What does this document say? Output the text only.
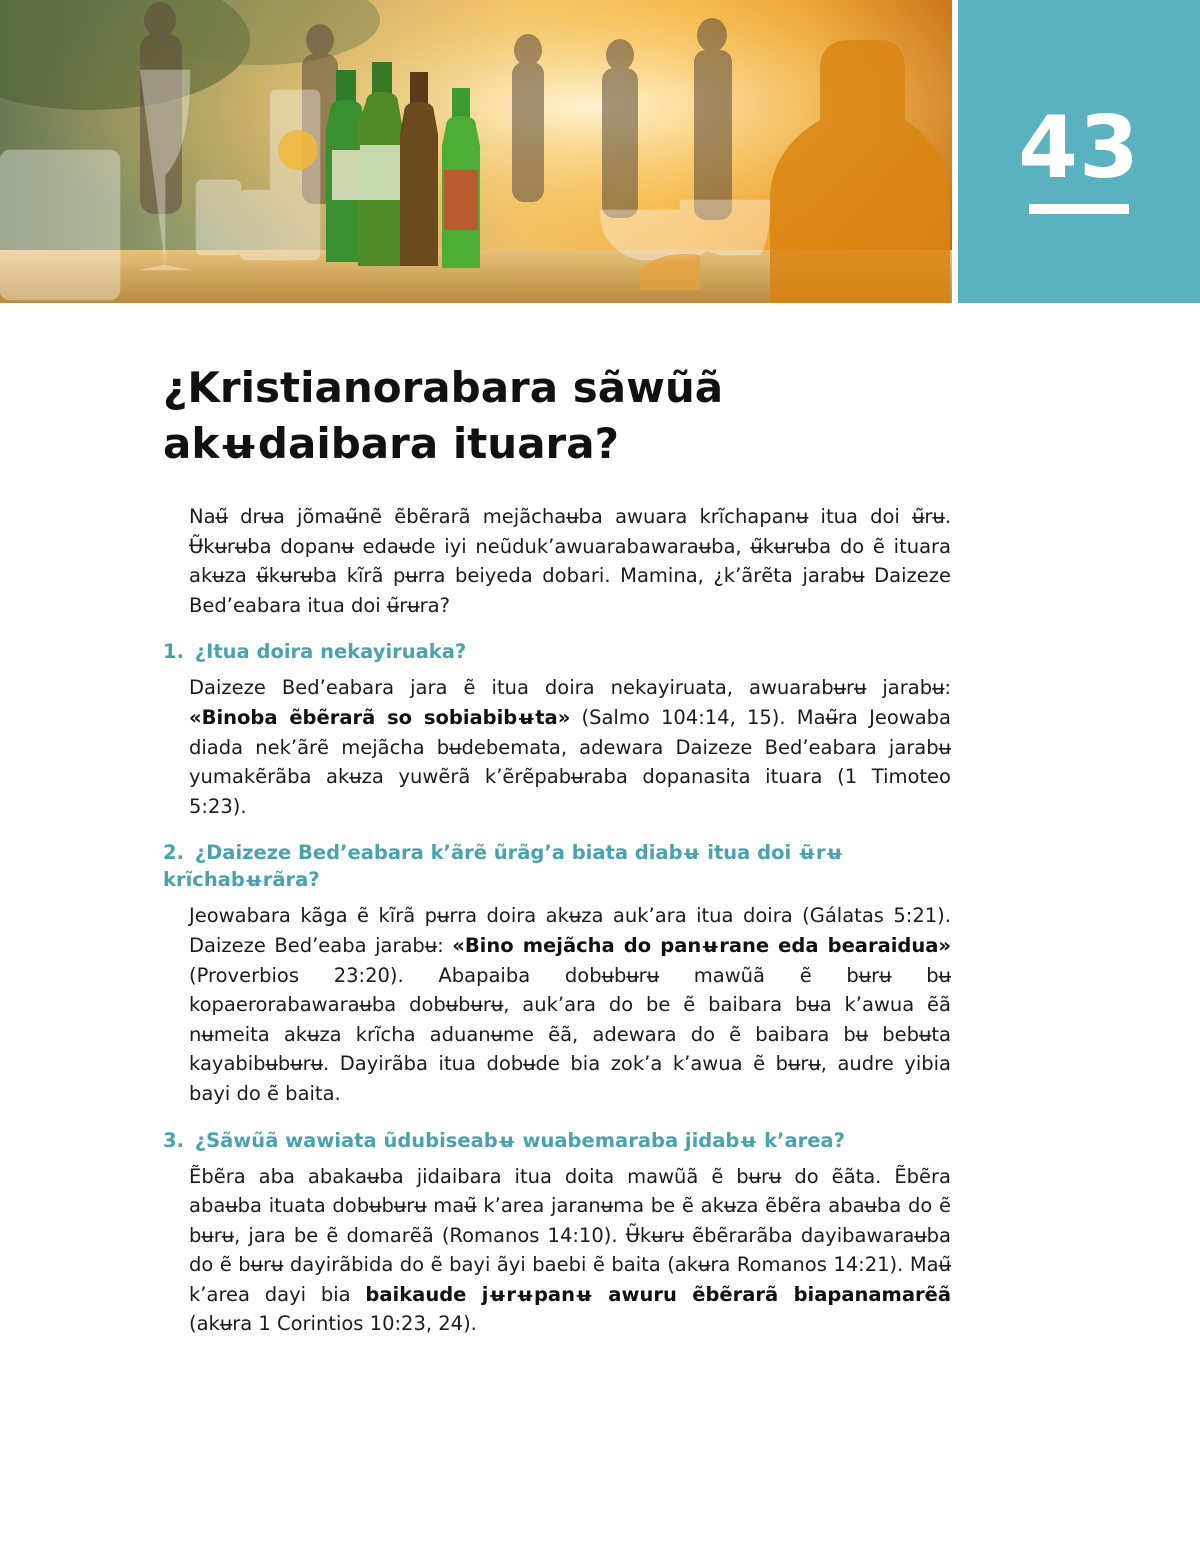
43
¿Kristianorabara sãwũã
akʉdaibara ituara?

Naʉ̃ drʉa jõmaʉ̃nẽ ẽbẽrarã mejãchaʉba awuara krĩchapanʉ itua doi ʉ̃rʉ. Ʉ̃kʉrʉba dopanʉ edaʉde iyi neũduk’awuarabawaraʉba, ʉ̃kʉrʉba do ẽ ituara akʉza ʉ̃kʉrʉba kĩrã pʉrra beiyeda dobari. Mamina, ¿k’ãrẽta jarabʉ Daizeze Bed’eabara itua doi ʉ̃rʉra?

1. ¿Itua doira nekayiruaka?

Daizeze Bed’eabara jara ẽ itua doira nekayiruata, awuarabʉrʉ jarabʉ: «Binoba ẽbẽrarã so sobiabibʉta» (Salmo 104:14, 15). Maʉ̃ra Jeowaba diada nek’ãrẽ mejãcha bʉdebemata, adewara Daizeze Bed’eabara jarabʉ yumakẽrãba akʉza yuwẽrã k’ẽrẽpabʉraba dopanasita ituara (1 Timoteo 5:23).

2. ¿Daizeze Bed’eabara k’ãrẽ ũrãg’a biata diabʉ itua doi ʉ̃rʉ krĩchabʉrãra?

Jeowabara kãga ẽ kĩrã pʉrra doira akʉza auk’ara itua doira (Gálatas 5:21). Daizeze Bed’eaba jarabʉ: «Bino mejãcha do panʉrane eda bearaidua» (Proverbios 23:20). Abapaiba dobʉbʉrʉ mawũã ẽ bʉrʉ bʉ kopaerorabawaraʉba dobʉbʉrʉ, auk’ara do be ẽ baibara bʉa k’awua ẽã nʉmeita akʉza krĩcha aduanʉme ẽã, adewara do ẽ baibara bʉ bebʉta kayabibʉbʉrʉ. Dayirãba itua dobʉde bia zok’a k’awua ẽ bʉrʉ, audre yibia bayi do ẽ baita.

3. ¿Sãwũã wawiata ũdubiseabʉ wuabemaraba jidabʉ k’area?

Ẽbẽra aba abakaʉba jidaibara itua doita mawũã ẽ bʉrʉ do ẽãta. Ẽbẽra abaʉba ituata dobʉbʉrʉ maʉ̃ k’area jaranʉma be ẽ akʉza ẽbẽra abaʉba do ẽ bʉrʉ, jara be ẽ domarẽã (Romanos 14:10). Ʉ̃kʉrʉ ẽbẽrarãba dayibawaraʉba do ẽ bʉrʉ dayirãbida do ẽ bayi ãyi baebi ẽ baita (akʉra Romanos 14:21). Maʉ̃ k’area dayi bia baikaude jʉrʉpanʉ awuru ẽbẽrarã biapanamarẽã (akʉra 1 Corintios 10:23, 24).
